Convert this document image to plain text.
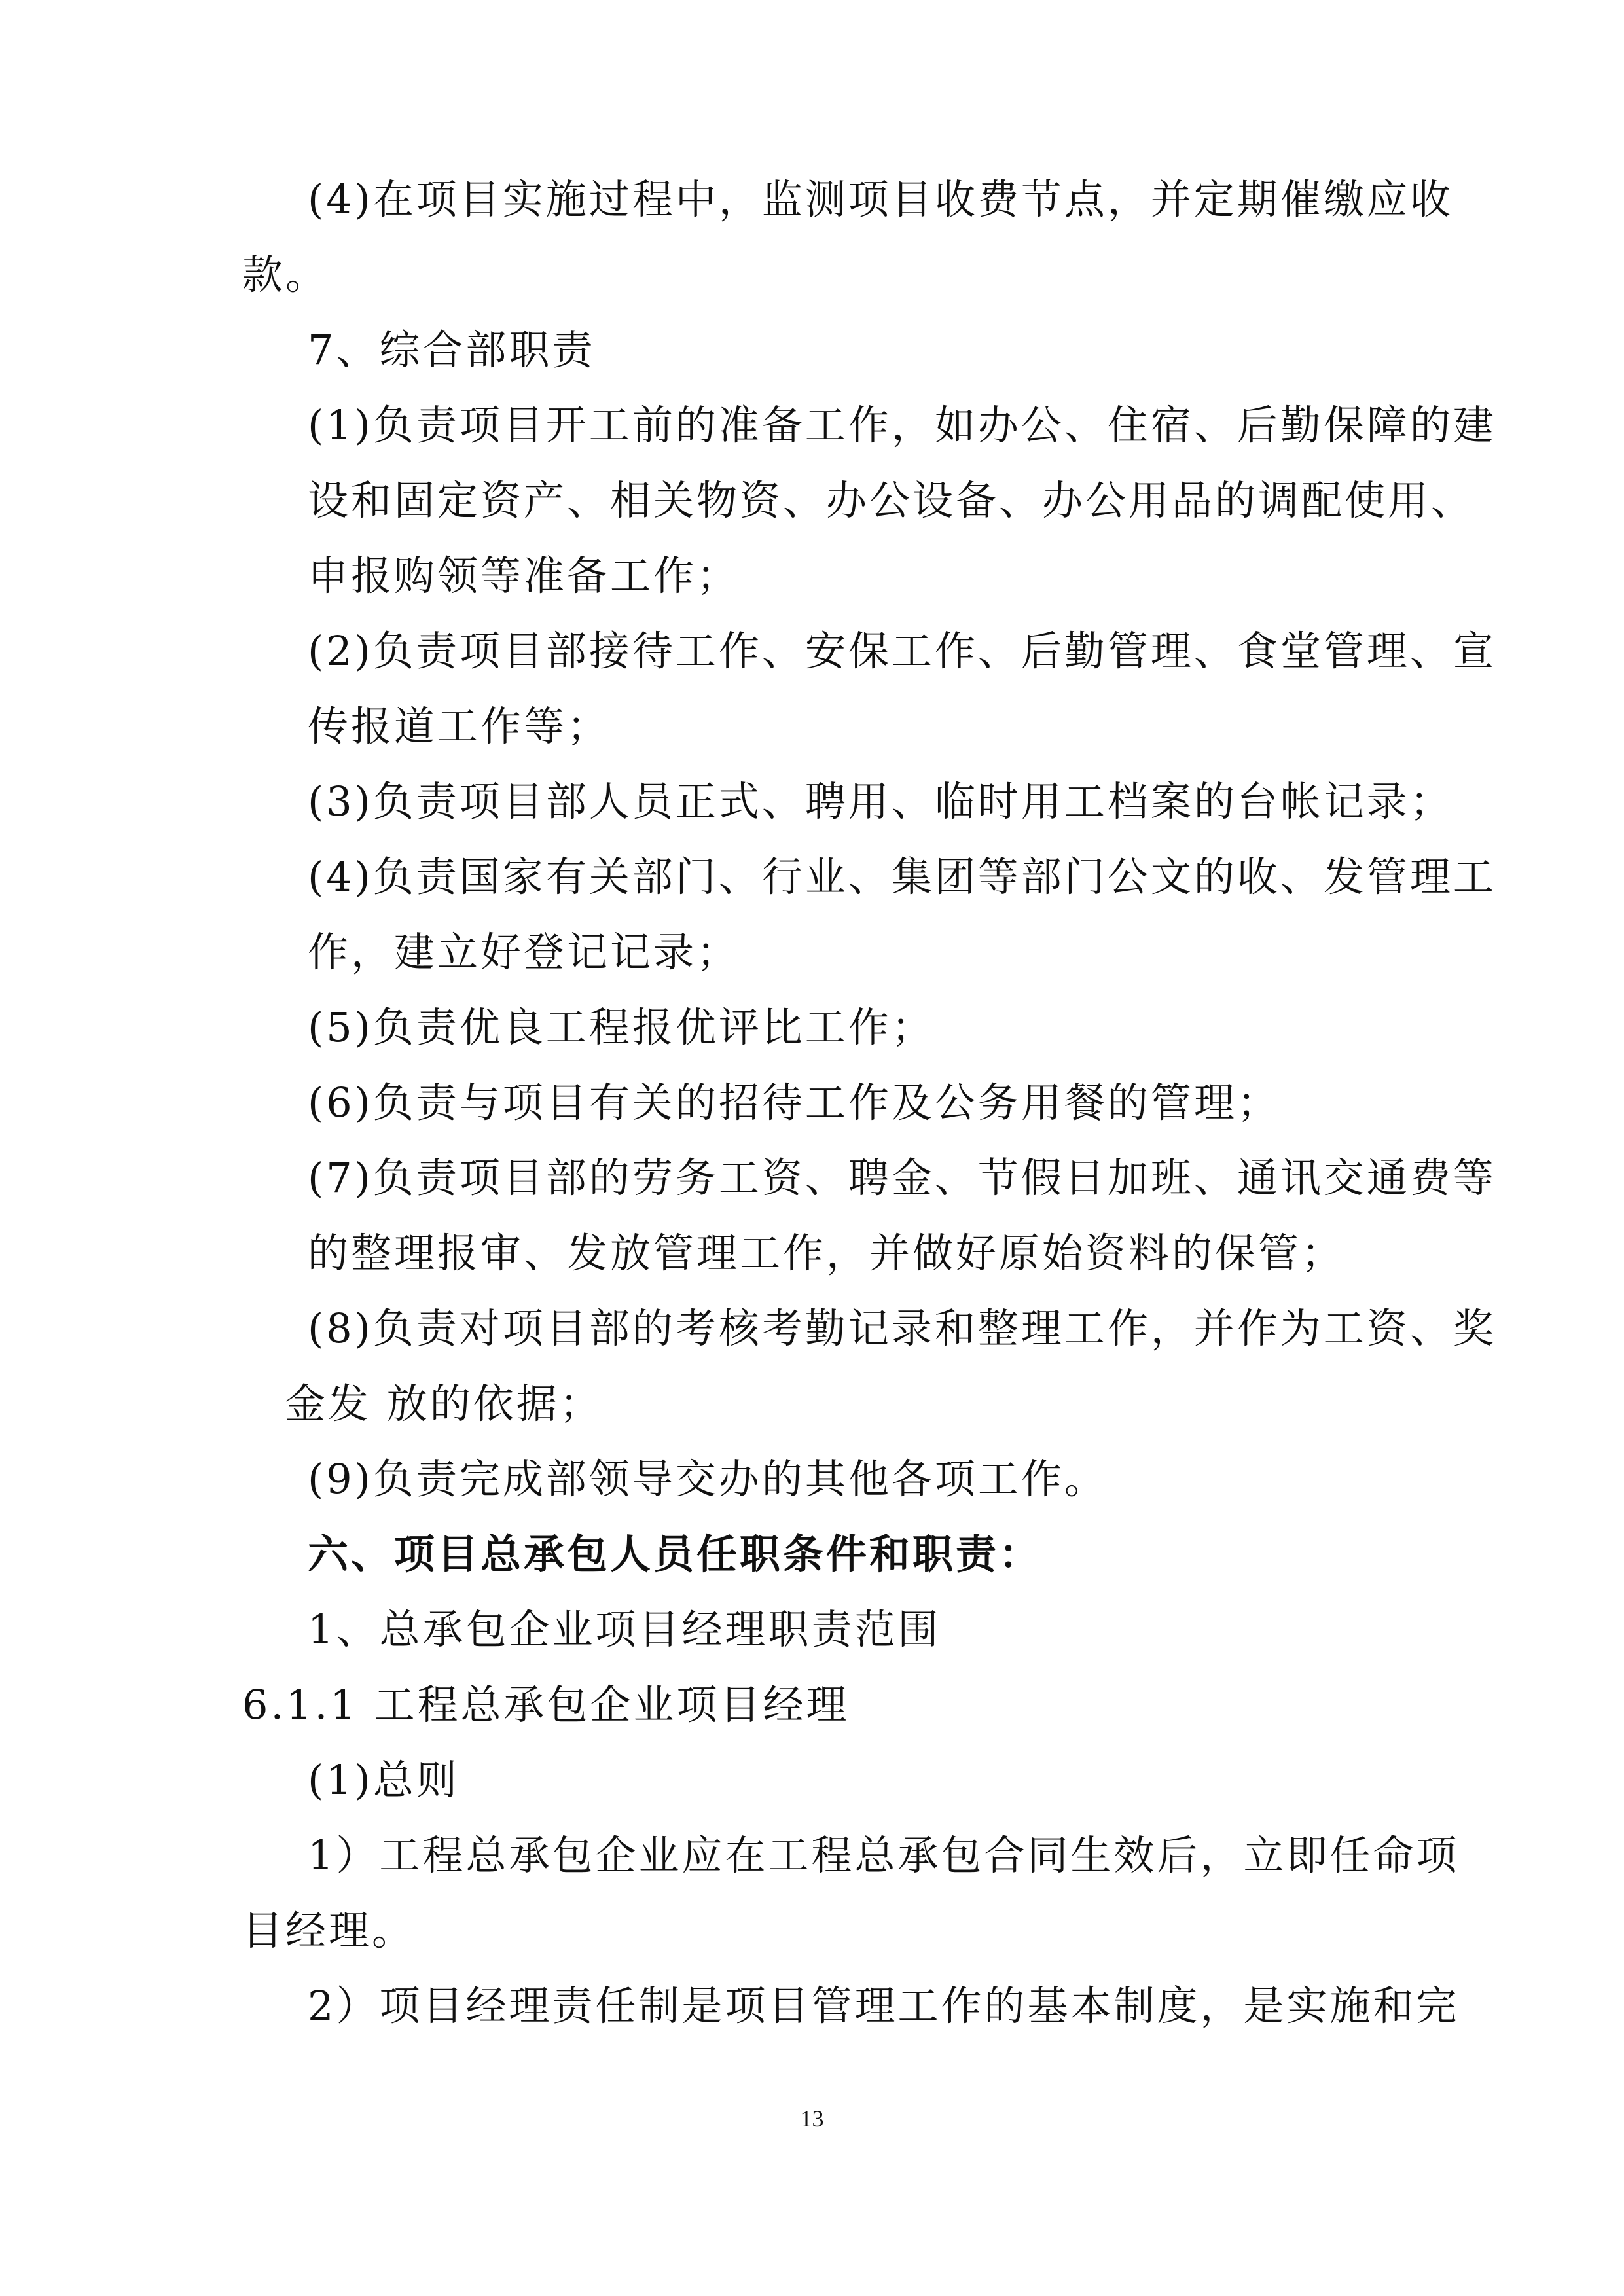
(4)在项目实施过程中，监测项目收费节点，并定期催缴应收
款。
7、综合部职责
(1)负责项目开工前的准备工作，如办公、住宿、后勤保障的建
设和固定资产、相关物资、办公设备、办公用品的调配使用、
申报购领等准备工作；
(2)负责项目部接待工作、安保工作、后勤管理、食堂管理、宣
传报道工作等；
(3)负责项目部人员正式、聘用、临时用工档案的台帐记录；
(4)负责国家有关部门、行业、集团等部门公文的收、发管理工
作，建立好登记记录；
(5)负责优良工程报优评比工作；
(6)负责与项目有关的招待工作及公务用餐的管理；
(7)负责项目部的劳务工资、聘金、节假日加班、通讯交通费等
的整理报审、发放管理工作，并做好原始资料的保管；
(8)负责对项目部的考核考勤记录和整理工作，并作为工资、奖
金发 放的依据；
(9)负责完成部领导交办的其他各项工作。
六、项目总承包人员任职条件和职责：
1、总承包企业项目经理职责范围
6.1.1 工程总承包企业项目经理
(1)总则
1）工程总承包企业应在工程总承包合同生效后，立即任命项
目经理。
2）项目经理责任制是项目管理工作的基本制度，是实施和完
13
